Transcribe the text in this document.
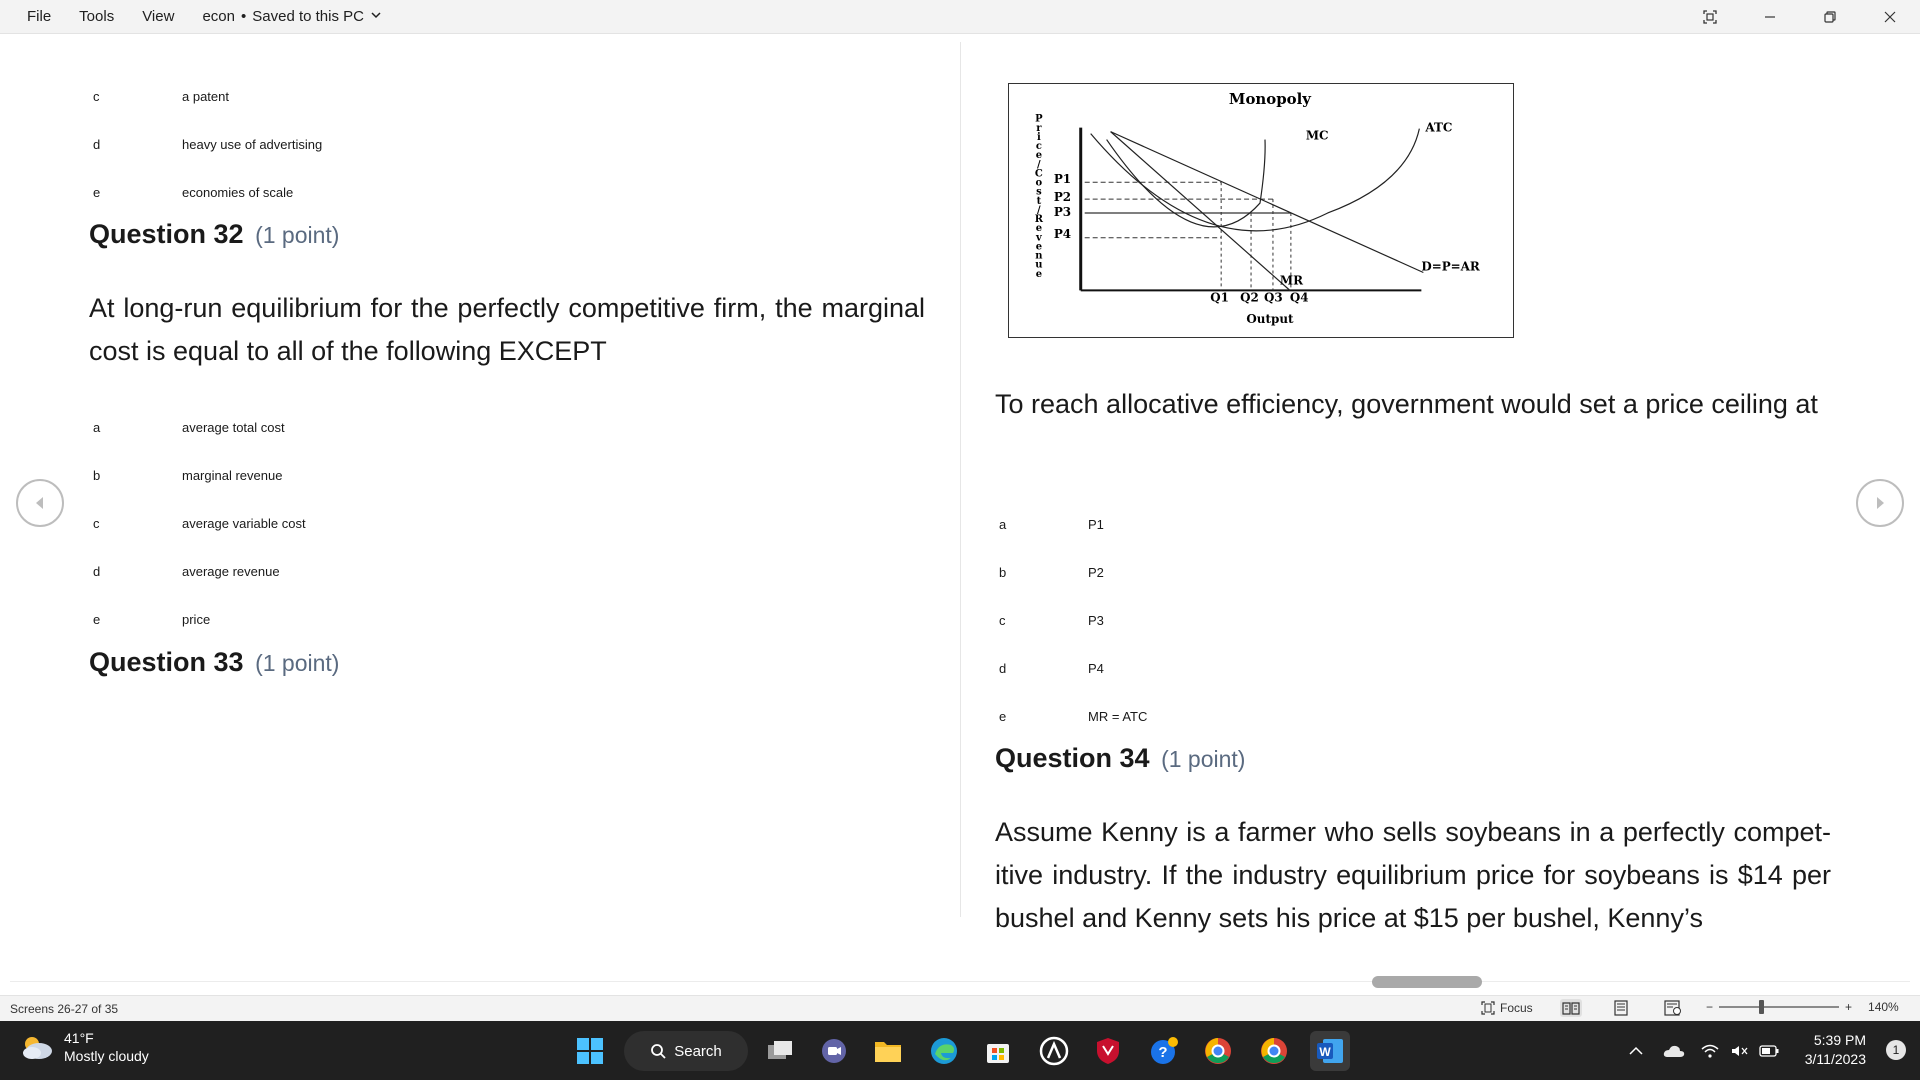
File	Tools	View	econ • Saved to this PC
c	a patent
d	heavy use of advertising
e	economies of scale
Question 32 (1 point)
At long-run equilibrium for the perfectly competitive firm, the marginal cost is equal to all of the following EXCEPT
a	average total cost
b	marginal revenue
c	average variable cost
d	average revenue
e	price
Question 33 (1 point)
Monopoly
P r i c e / C o s t / R e v e n u e
P1
P2
P3
P4
MC
ATC
MR
D=P=AR
Q1 Q2 Q3 Q4
Output
To reach allocative efficiency, government would set a price ceiling at
a	P1
b	P2
c	P3
d	P4
e	MR = ATC
Question 34 (1 point)
Assume Kenny is a farmer who sells soybeans in a perfectly compet-itive industry. If the industry equilibrium price for soybeans is $14 per bushel and Kenny sets his price at $15 per bushel, Kenny’s
Screens 26-27 of 35	Focus	−	+ 140%
41°F
Mostly cloudy	Search	?	W
5:39 PM
3/11/2023
1
